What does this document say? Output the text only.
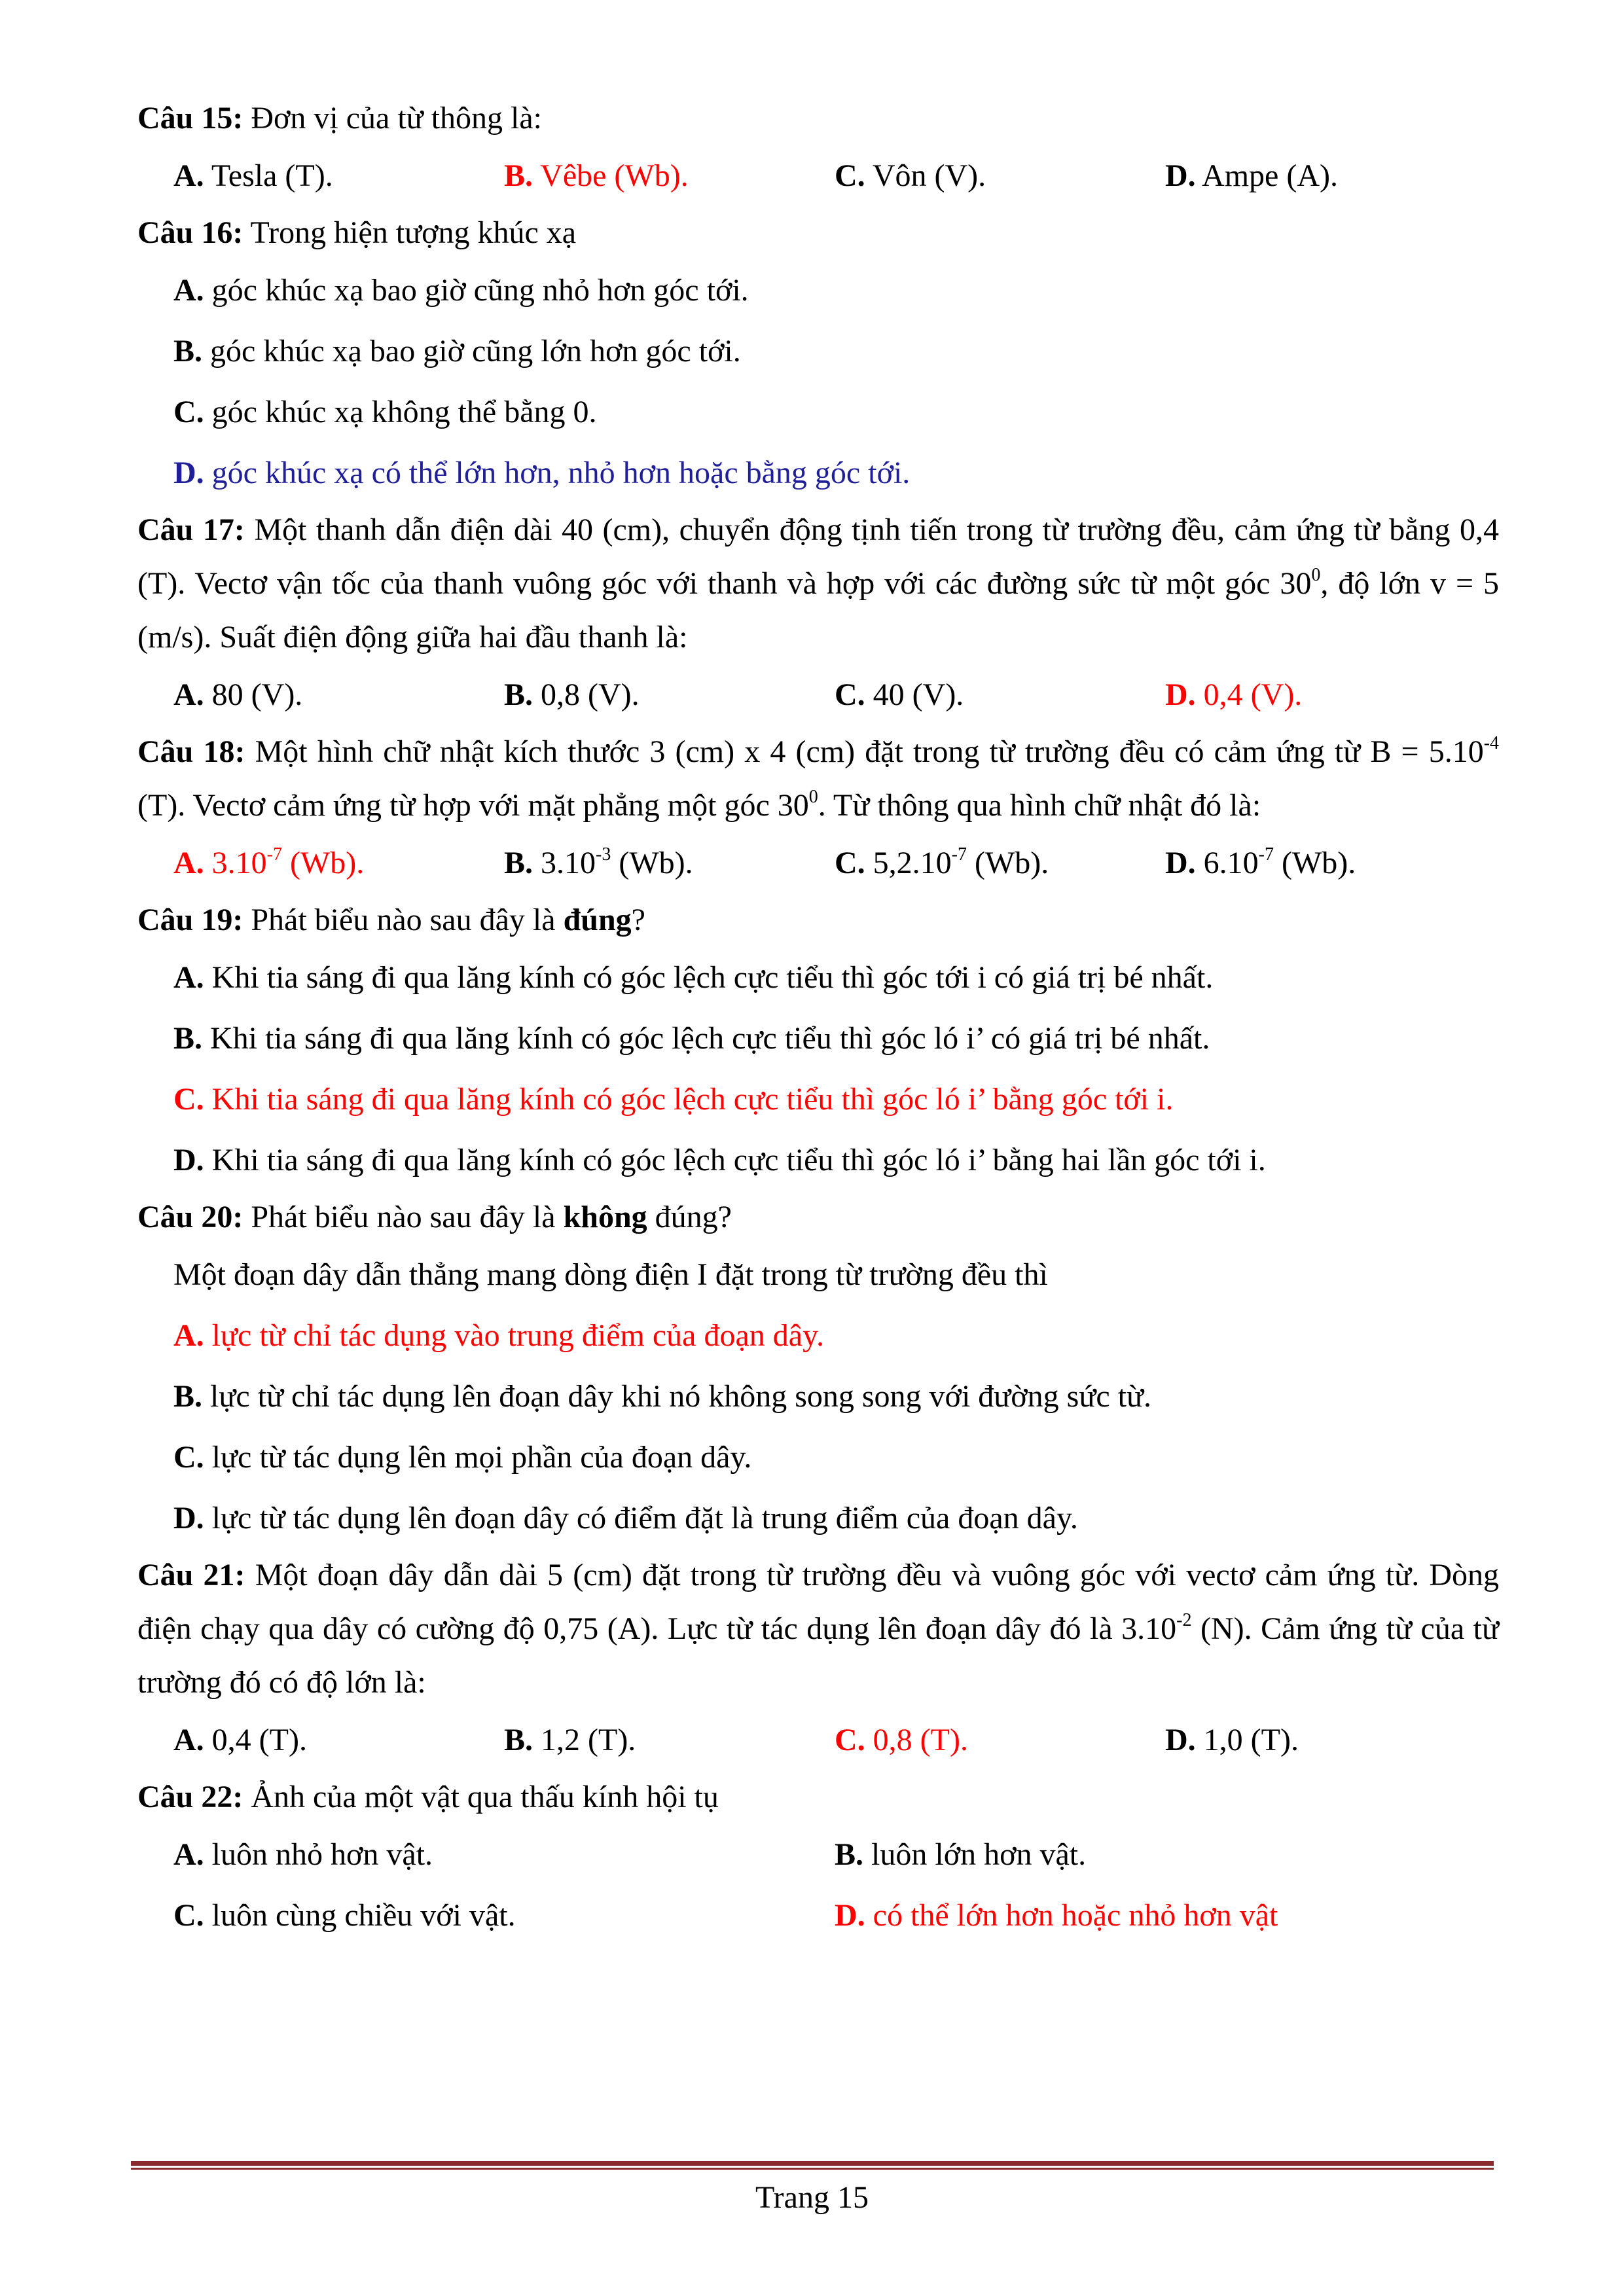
Câu 15: Đơn vị của từ thông là:

A. Tesla (T).	B. Vêbe (Wb).	C. Vôn (V).	D. Ampe (A).

Câu 16: Trong hiện tượng khúc xạ

A. góc khúc xạ bao giờ cũng nhỏ hơn góc tới.
B. góc khúc xạ bao giờ cũng lớn hơn góc tới.
C. góc khúc xạ không thể bằng 0.
D. góc khúc xạ có thể lớn hơn, nhỏ hơn hoặc bằng góc tới.

Câu 17: Một thanh dẫn điện dài 40 (cm), chuyển động tịnh tiến trong từ trường đều, cảm ứng từ bằng 0,4 (T). Vectơ vận tốc của thanh vuông góc với thanh và hợp với các đường sức từ một góc $30^0$, độ lớn v = 5 (m/s). Suất điện động giữa hai đầu thanh là:

A. 80 (V).	B. 0,8 (V).	C. 40 (V).	D. 0,4 (V).

Câu 18: Một hình chữ nhật kích thước 3 (cm) x 4 (cm) đặt trong từ trường đều có cảm ứng từ $B = 5.10^{-4}$ (T). Vectơ cảm ứng từ hợp với mặt phẳng một góc $30^0$. Từ thông qua hình chữ nhật đó là:

A. $3.10^{-7}$ (Wb).	B. $3.10^{-3}$ (Wb).	C. $5,2.10^{-7}$ (Wb).	D. $6.10^{-7}$ (Wb).

Câu 19: Phát biểu nào sau đây là đúng?

A. Khi tia sáng đi qua lăng kính có góc lệch cực tiểu thì góc tới i có giá trị bé nhất.
B. Khi tia sáng đi qua lăng kính có góc lệch cực tiểu thì góc ló i’ có giá trị bé nhất.
C. Khi tia sáng đi qua lăng kính có góc lệch cực tiểu thì góc ló i’ bằng góc tới i.
D. Khi tia sáng đi qua lăng kính có góc lệch cực tiểu thì góc ló i’ bằng hai lần góc tới i.

Câu 20: Phát biểu nào sau đây là không đúng?

Một đoạn dây dẫn thẳng mang dòng điện I đặt trong từ trường đều thì
A. lực từ chỉ tác dụng vào trung điểm của đoạn dây.
B. lực từ chỉ tác dụng lên đoạn dây khi nó không song song với đường sức từ.
C. lực từ tác dụng lên mọi phần của đoạn dây.
D. lực từ tác dụng lên đoạn dây có điểm đặt là trung điểm của đoạn dây.

Câu 21: Một đoạn dây dẫn dài 5 (cm) đặt trong từ trường đều và vuông góc với vectơ cảm ứng từ. Dòng điện chạy qua dây có cường độ 0,75 (A). Lực từ tác dụng lên đoạn dây đó là $3.10^{-2}$ (N). Cảm ứng từ của từ trường đó có độ lớn là:

A. 0,4 (T).	B. 1,2 (T).	C. 0,8 (T).	D. 1,0 (T).

Câu 22: Ảnh của một vật qua thấu kính hội tụ

A. luôn nhỏ hơn vật.	B. luôn lớn hơn vật.
C. luôn cùng chiều với vật.	D. có thể lớn hơn hoặc nhỏ hơn vật
Trang 15
